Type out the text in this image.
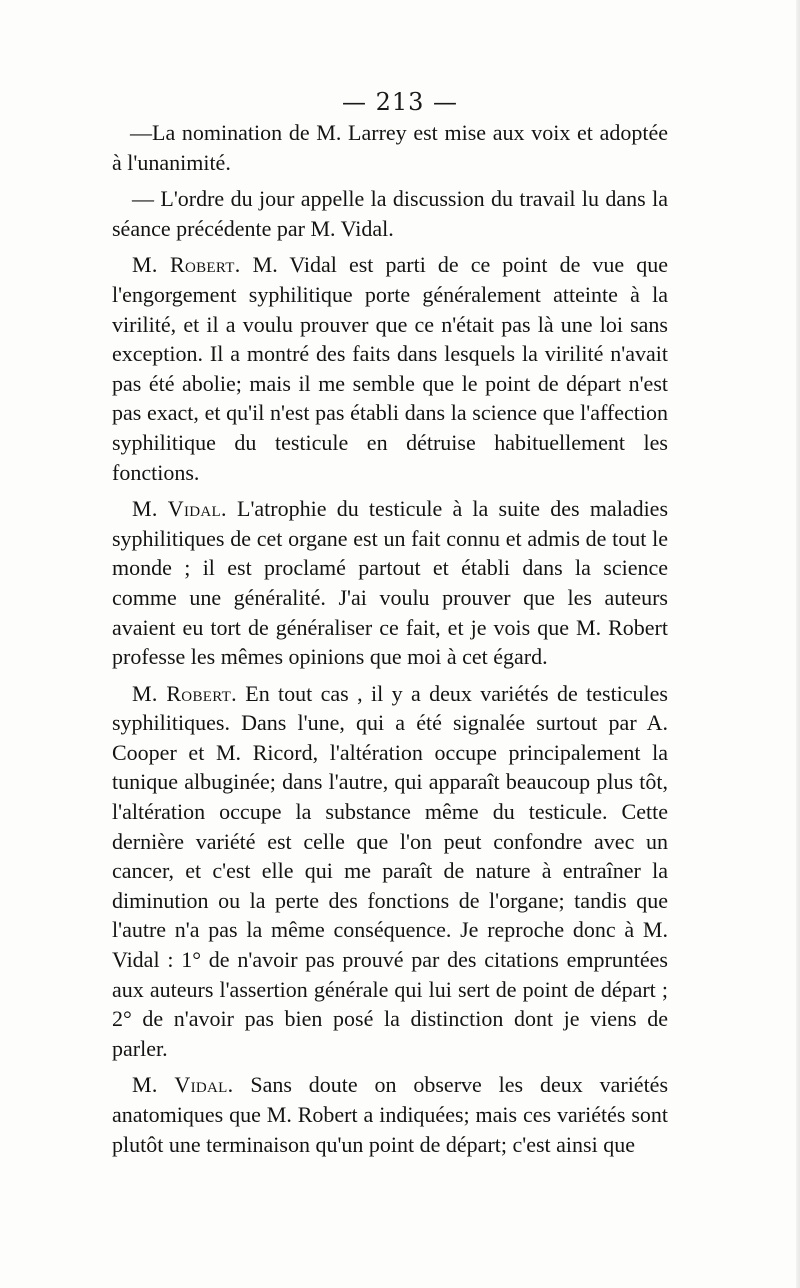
— 213 —

—La nomination de M. Larrey est mise aux voix et adoptée à l'unanimité.

— L'ordre du jour appelle la discussion du travail lu dans la séance précédente par M. Vidal.

M. Robert. M. Vidal est parti de ce point de vue que l'engorgement syphilitique porte généralement atteinte à la virilité, et il a voulu prouver que ce n'était pas là une loi sans exception. Il a montré des faits dans lesquels la virilité n'avait pas été abolie; mais il me semble que le point de départ n'est pas exact, et qu'il n'est pas établi dans la science que l'affection syphilitique du testicule en détruise habituellement les fonctions.

M. Vidal. L'atrophie du testicule à la suite des maladies syphilitiques de cet organe est un fait connu et admis de tout le monde ; il est proclamé partout et établi dans la science comme une généralité. J'ai voulu prouver que les auteurs avaient eu tort de généraliser ce fait, et je vois que M. Robert professe les mêmes opinions que moi à cet égard.

M. Robert. En tout cas , il y a deux variétés de testicules syphilitiques. Dans l'une, qui a été signalée surtout par A. Cooper et M. Ricord, l'altération occupe principalement la tunique albuginée; dans l'autre, qui apparaît beaucoup plus tôt, l'altération occupe la substance même du testicule. Cette dernière variété est celle que l'on peut confondre avec un cancer, et c'est elle qui me paraît de nature à entraîner la diminution ou la perte des fonctions de l'organe; tandis que l'autre n'a pas la même conséquence. Je reproche donc à M. Vidal : 1° de n'avoir pas prouvé par des citations empruntées aux auteurs l'assertion générale qui lui sert de point de départ ; 2° de n'avoir pas bien posé la distinction dont je viens de parler.

M. Vidal. Sans doute on observe les deux variétés anatomiques que M. Robert a indiquées; mais ces variétés sont plutôt une terminaison qu'un point de départ; c'est ainsi que
